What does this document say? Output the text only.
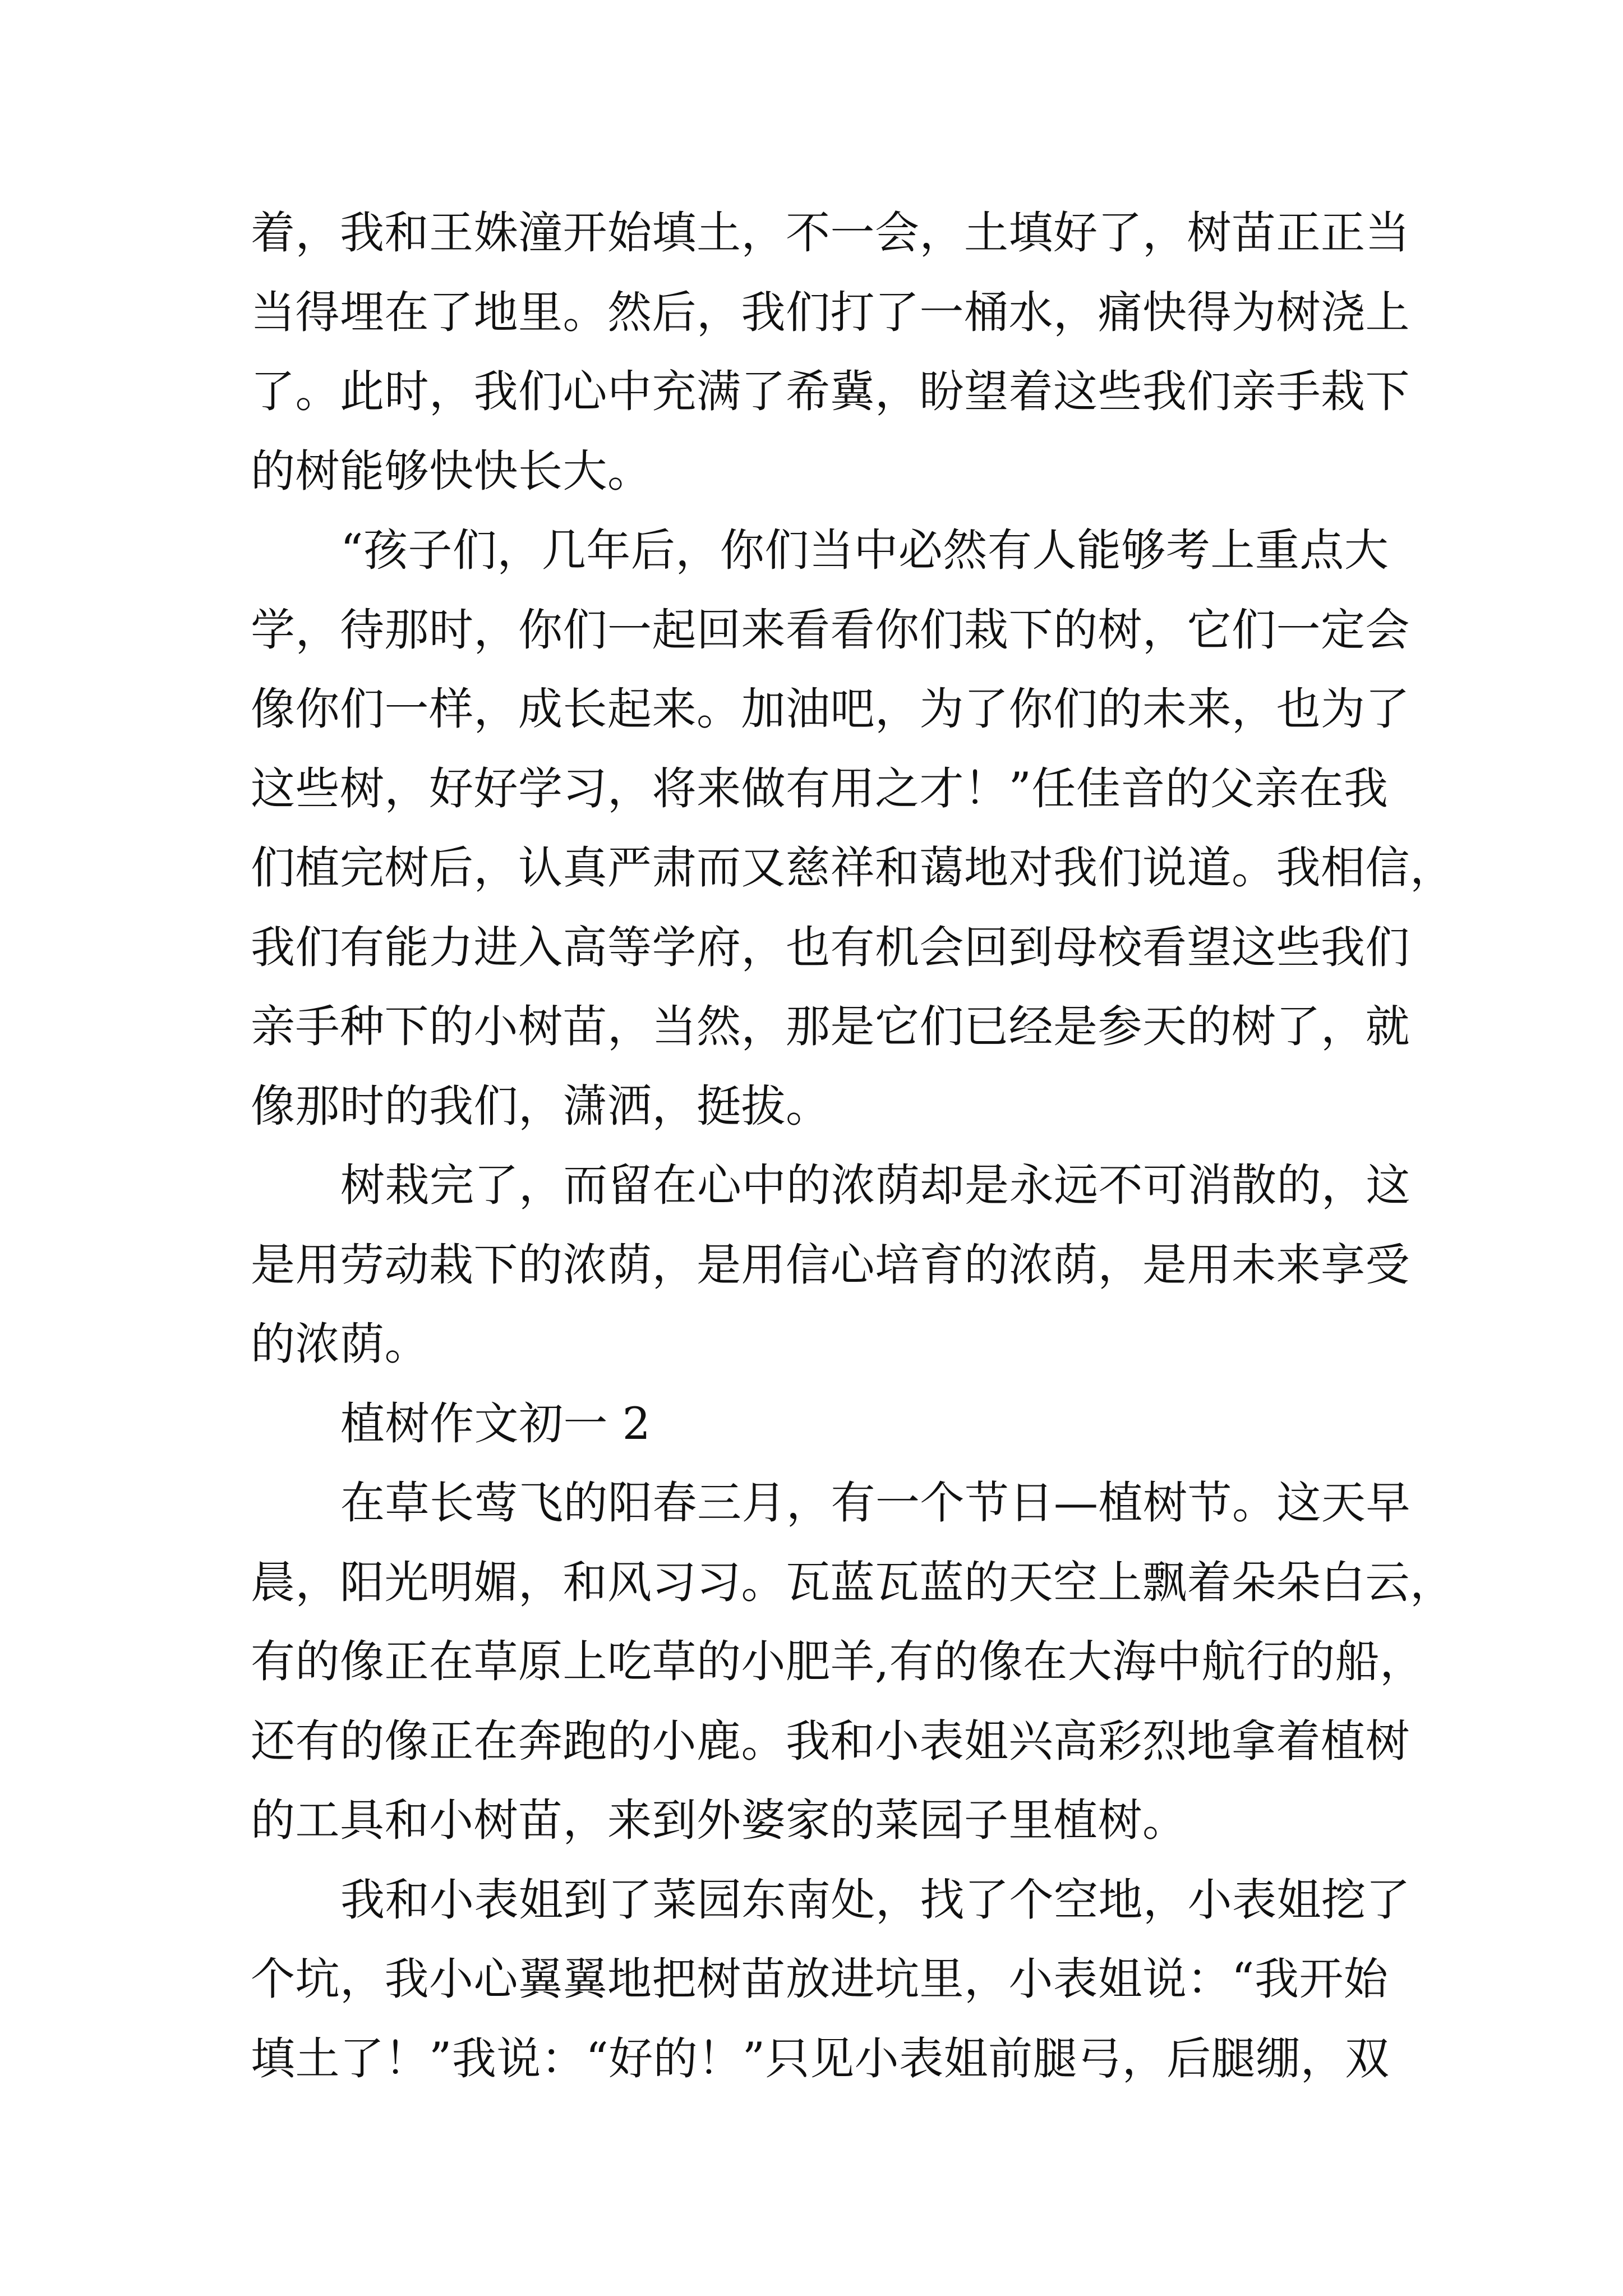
着，我和王姝潼开始填土，不一会，土填好了，树苗正正当
当得埋在了地里。然后，我们打了一桶水，痛快得为树浇上
了。此时，我们心中充满了希冀，盼望着这些我们亲手栽下
的树能够快快长大。
“孩子们，几年后，你们当中必然有人能够考上重点大
学，待那时，你们一起回来看看你们栽下的树，它们一定会
像你们一样，成长起来。加油吧，为了你们的未来，也为了
这些树，好好学习，将来做有用之才！”任佳音的父亲在我
们植完树后，认真严肃而又慈祥和蔼地对我们说道。我相信，
我们有能力进入高等学府，也有机会回到母校看望这些我们
亲手种下的小树苗，当然，那是它们已经是参天的树了，就
像那时的我们，潇洒，挺拔。
树栽完了，而留在心中的浓荫却是永远不可消散的，这
是用劳动栽下的浓荫，是用信心培育的浓荫，是用未来享受
的浓荫。
植树作文初一 2
在草长莺飞的阳春三月，有一个节日—植树节。这天早
晨，阳光明媚，和风习习。瓦蓝瓦蓝的天空上飘着朵朵白云，
有的像正在草原上吃草的小肥羊,有的像在大海中航行的船，
还有的像正在奔跑的小鹿。我和小表姐兴高彩烈地拿着植树
的工具和小树苗，来到外婆家的菜园子里植树。
我和小表姐到了菜园东南处，找了个空地，小表姐挖了
个坑，我小心翼翼地把树苗放进坑里，小表姐说：“我开始
填土了！”我说：“好的！”只见小表姐前腿弓，后腿绷，双
